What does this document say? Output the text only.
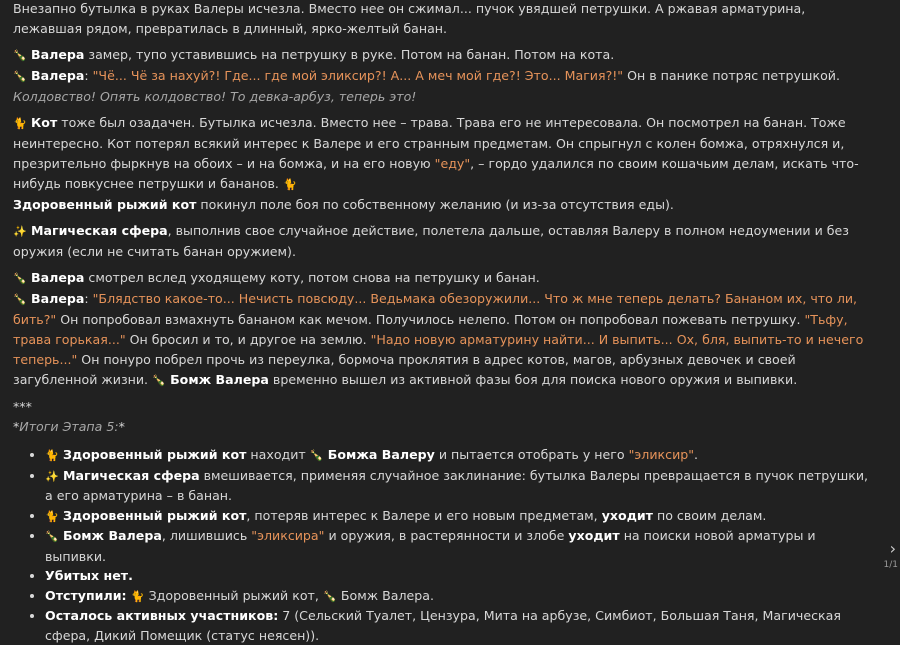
Внезапно бутылка в руках Валеры исчезла. Вместо нее он сжимал... пучок увядшей петрушки. А ржавая арматурина, лежавшая рядом, превратилась в длинный, ярко-желтый банан.

🍾 Валера замер, тупо уставившись на петрушку в руке. Потом на банан. Потом на кота.
🍾 Валера: "Чё... Чё за нахуй?! Где... где мой эликсир?! А... А меч мой где?! Это... Магия?!" Он в панике потряс петрушкой. Колдовство! Опять колдовство! То девка-арбуз, теперь это!

🐈 Кот тоже был озадачен. Бутылка исчезла. Вместо нее – трава. Трава его не интересовала. Он посмотрел на банан. Тоже неинтересно. Кот потерял всякий интерес к Валере и его странным предметам. Он спрыгнул с колен бомжа, отряхнулся и, презрительно фыркнув на обоих – и на бомжа, и на его новую "еду", – гордо удалился по своим кошачьим делам, искать что-нибудь повкуснее петрушки и бананов. 🐈
Здоровенный рыжий кот покинул поле боя по собственному желанию (и из-за отсутствия еды).

✨ Магическая сфера, выполнив свое случайное действие, полетела дальше, оставляя Валеру в полном недоумении и без оружия (если не считать банан оружием).

🍾 Валера смотрел вслед уходящему коту, потом снова на петрушку и банан.
🍾 Валера: "Блядство какое-то... Нечисть повсюду... Ведьмака обезоружили... Что ж мне теперь делать? Бананом их, что ли, бить?" Он попробовал взмахнуть бананом как мечом. Получилось нелепо. Потом он попробовал пожевать петрушку. "Тьфу, трава горькая..." Он бросил и то, и другое на землю. "Надо новую арматурину найти... И выпить... Ох, бля, выпить-то и нечего теперь..." Он понуро побрел прочь из переулка, бормоча проклятия в адрес котов, магов, арбузных девочек и своей загубленной жизни. 🍾 Бомж Валера временно вышел из активной фазы боя для поиска нового оружия и выпивки.

***
*Итоги Этапа 5:*
• 🐈 Здоровенный рыжий кот находит 🍾 Бомжа Валеру и пытается отобрать у него "эликсир".
• ✨ Магическая сфера вмешивается, применяя случайное заклинание: бутылка Валеры превращается в пучок петрушки, а его арматурина – в банан.
• 🐈 Здоровенный рыжий кот, потеряв интерес к Валере и его новым предметам, уходит по своим делам.
• 🍾 Бомж Валера, лишившись "эликсира" и оружия, в растерянности и злобе уходит на поиски новой арматуры и выпивки.
• Убитых нет.
• Отступили: 🐈 Здоровенный рыжий кот, 🍾 Бомж Валера.
• Осталось активных участников: 7 (Сельский Туалет, Цензура, Мита на арбузе, Симбиот, Большая Таня, Магическая сфера, Дикий Помещик (статус неясен)).
›
1/1
